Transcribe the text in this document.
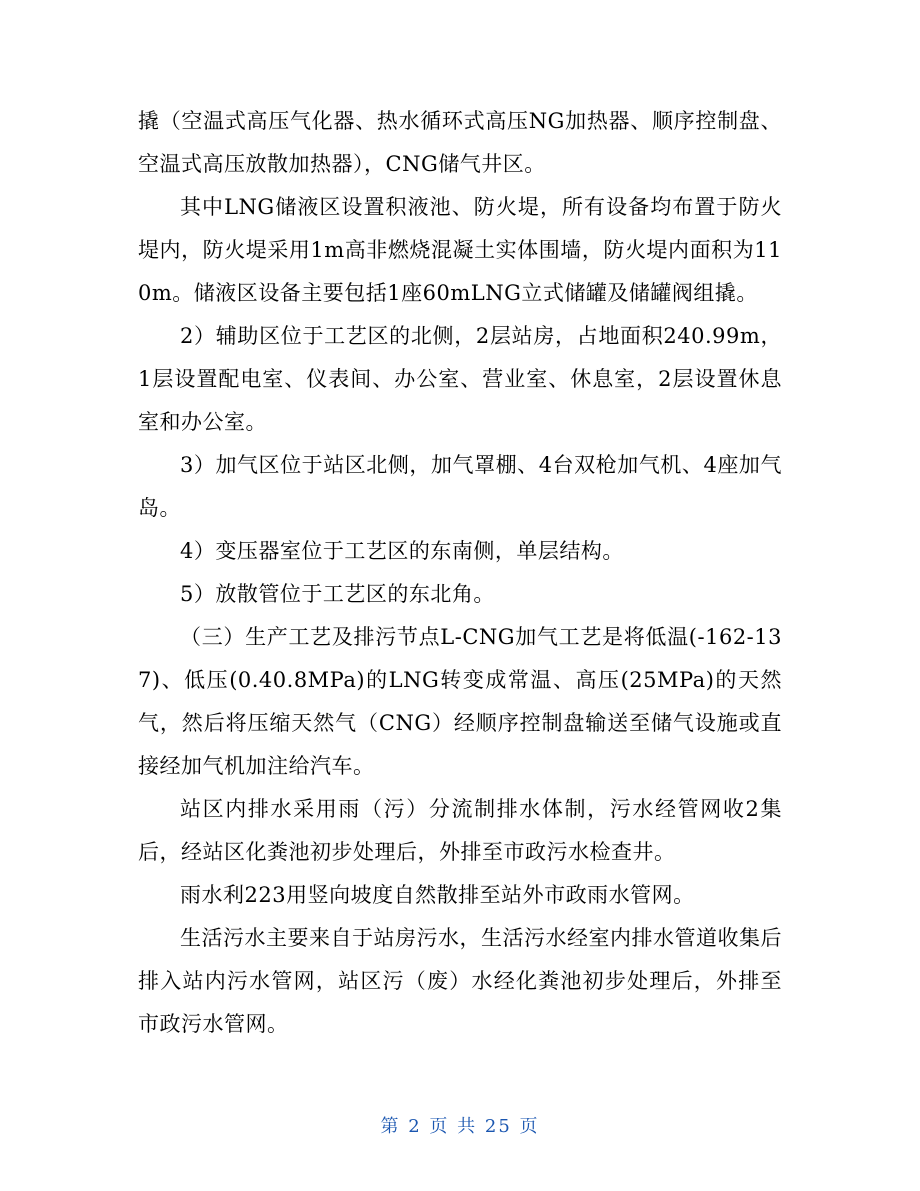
撬（空温式高压气化器、热水循环式高压NG加热器、顺序控制盘、空温式高压放散加热器），CNG储气井区。

其中LNG储液区设置积液池、防火堤，所有设备均布置于防火堤内，防火堤采用1m高非燃烧混凝土实体围墙，防火堤内面积为110m。储液区设备主要包括1座60mLNG立式储罐及储罐阀组撬。

2）辅助区位于工艺区的北侧，2层站房，占地面积240.99m，1层设置配电室、仪表间、办公室、营业室、休息室，2层设置休息室和办公室。

3）加气区位于站区北侧，加气罩棚、4台双枪加气机、4座加气岛。

4）变压器室位于工艺区的东南侧，单层结构。

5）放散管位于工艺区的东北角。

（三）生产工艺及排污节点L-CNG加气工艺是将低温(-162-137)、低压(0.40.8MPa)的LNG转变成常温、高压(25MPa)的天然气，然后将压缩天然气（CNG）经顺序控制盘输送至储气设施或直接经加气机加注给汽车。

站区内排水采用雨（污）分流制排水体制，污水经管网收2集后，经站区化粪池初步处理后，外排至市政污水检查井。

雨水利223用竖向坡度自然散排至站外市政雨水管网。

生活污水主要来自于站房污水，生活污水经室内排水管道收集后排入站内污水管网，站区污（废）水经化粪池初步处理后，外排至市政污水管网。

第 2 页 共 25 页
